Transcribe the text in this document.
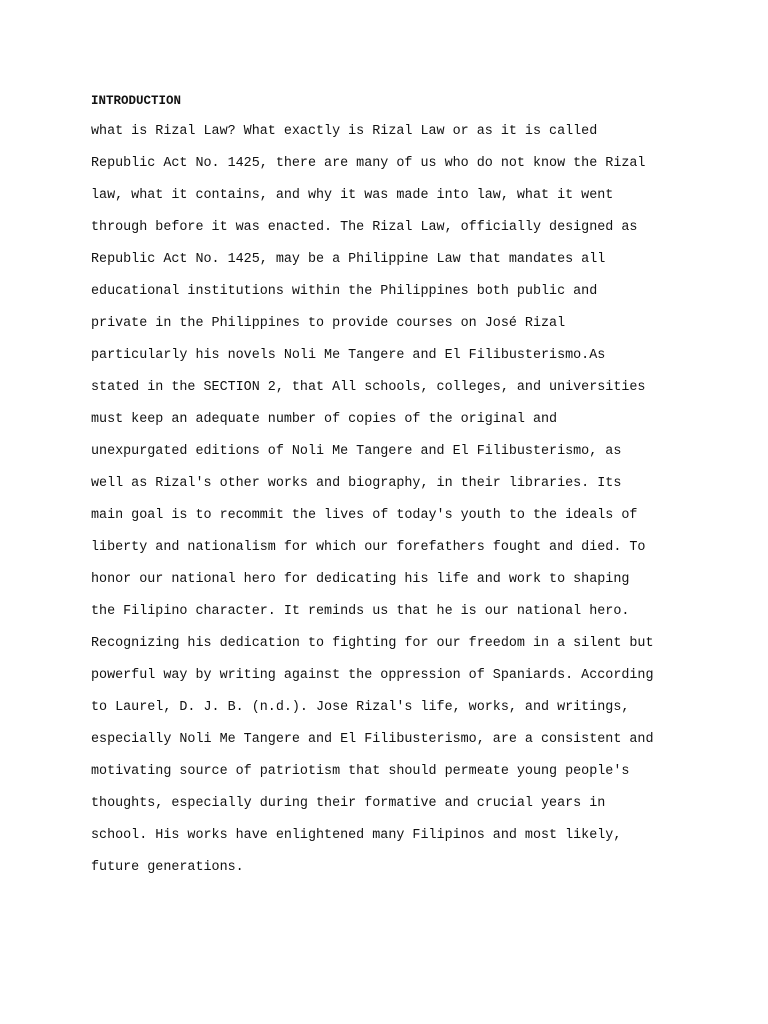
INTRODUCTION
what is Rizal Law? What exactly is Rizal Law or as it is called
Republic Act No. 1425, there are many of us who do not know the Rizal
law, what it contains, and why it was made into law, what it went
through before it was enacted. The Rizal Law, officially designed as
Republic Act No. 1425, may be a Philippine Law that mandates all
educational institutions within the Philippines both public and
private in the Philippines to provide courses on José Rizal
particularly his novels Noli Me Tangere and El Filibusterismo.As
stated in the SECTION 2, that All schools, colleges, and universities
must keep an adequate number of copies of the original and
unexpurgated editions of Noli Me Tangere and El Filibusterismo, as
well as Rizal's other works and biography, in their libraries. Its
main goal is to recommit the lives of today's youth to the ideals of
liberty and nationalism for which our forefathers fought and died. To
honor our national hero for dedicating his life and work to shaping
the Filipino character. It reminds us that he is our national hero.
Recognizing his dedication to fighting for our freedom in a silent but
powerful way by writing against the oppression of Spaniards. According
to Laurel, D. J. B. (n.d.). Jose Rizal's life, works, and writings,
especially Noli Me Tangere and El Filibusterismo, are a consistent and
motivating source of patriotism that should permeate young people's
thoughts, especially during their formative and crucial years in
school. His works have enlightened many Filipinos and most likely,
future generations.
